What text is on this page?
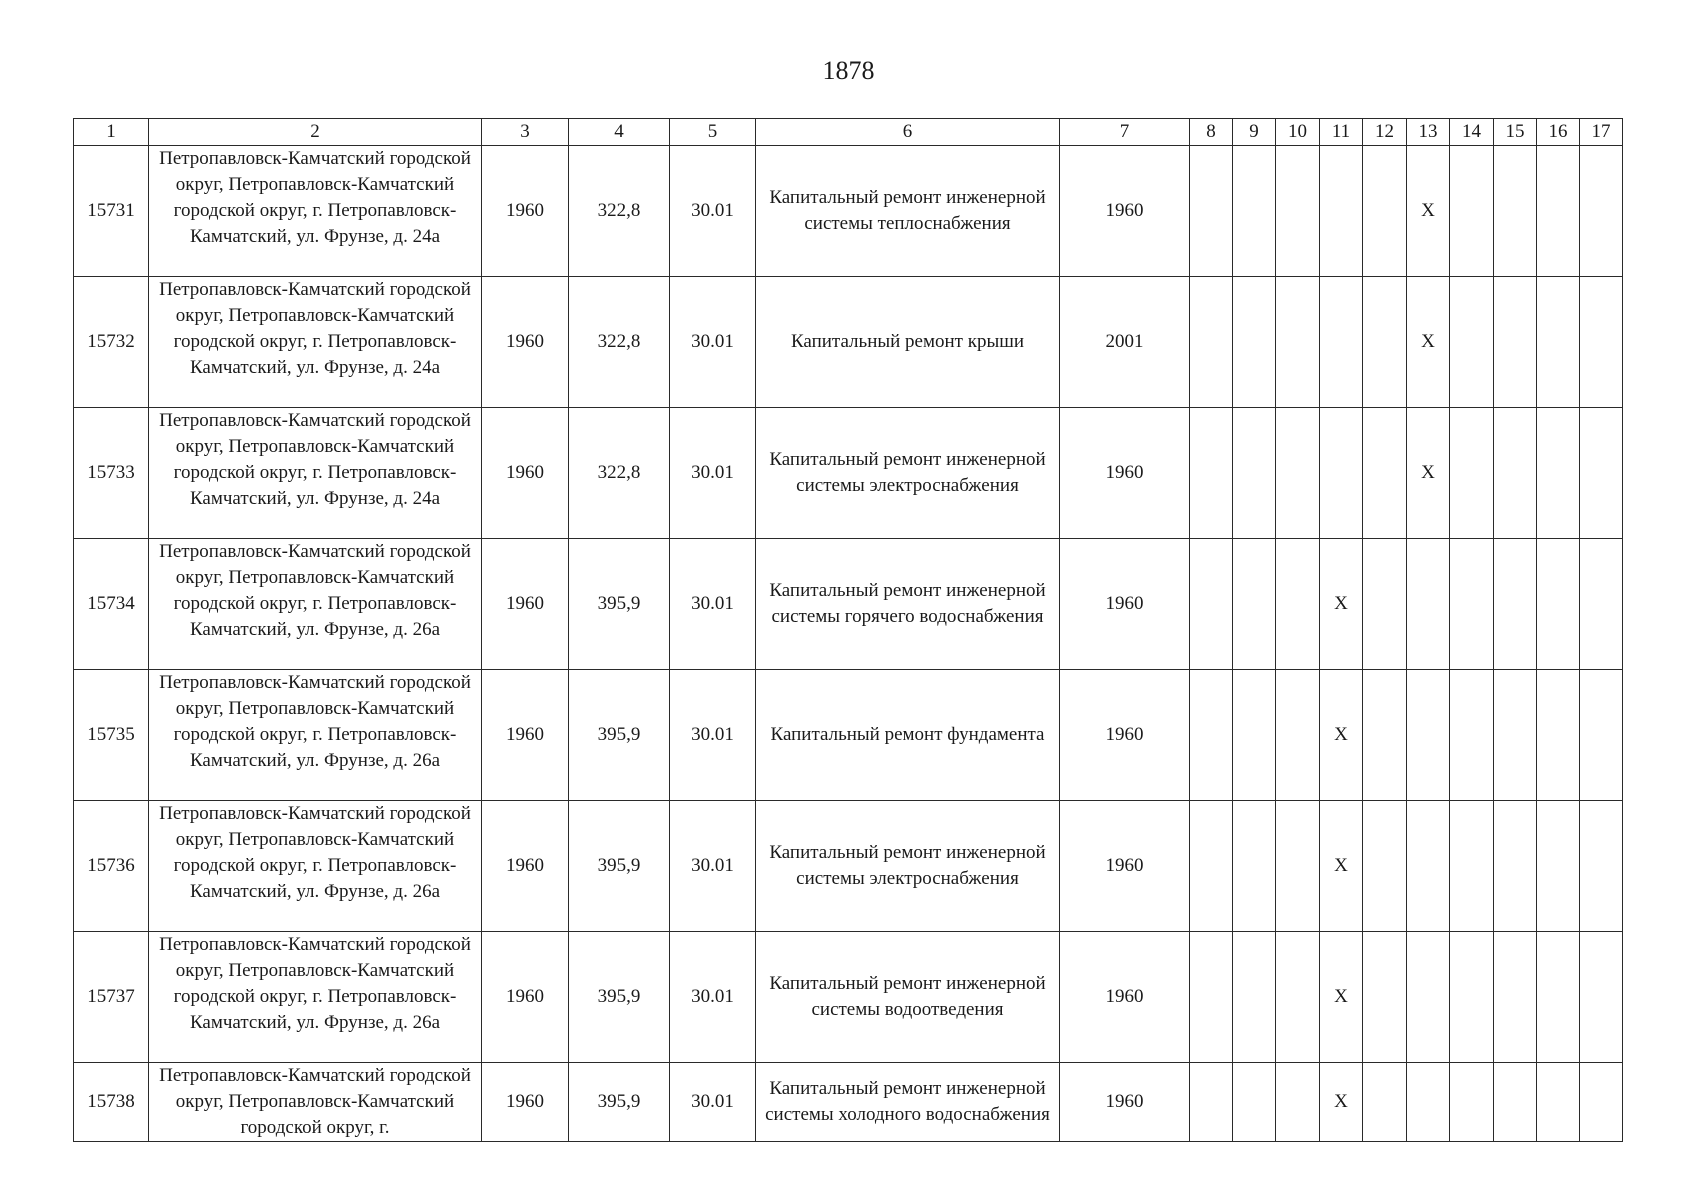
1878
1	2	3	4	5	6	7	8	9	10	11	12	13	14	15	16	17
15731	Петропавловск-Камчатский городской округ, Петропавловск-Камчатский городской округ, г. Петропавловск-Камчатский, ул. Фрунзе, д. 24а	1960	322,8	30.01	Капитальный ремонт инженерной системы теплоснабжения	1960						X				
15732	Петропавловск-Камчатский городской округ, Петропавловск-Камчатский городской округ, г. Петропавловск-Камчатский, ул. Фрунзе, д. 24а	1960	322,8	30.01	Капитальный ремонт крыши	2001						X				
15733	Петропавловск-Камчатский городской округ, Петропавловск-Камчатский городской округ, г. Петропавловск-Камчатский, ул. Фрунзе, д. 24а	1960	322,8	30.01	Капитальный ремонт инженерной системы электроснабжения	1960						X				
15734	Петропавловск-Камчатский городской округ, Петропавловск-Камчатский городской округ, г. Петропавловск-Камчатский, ул. Фрунзе, д. 26а	1960	395,9	30.01	Капитальный ремонт инженерной системы горячего водоснабжения	1960				X						
15735	Петропавловск-Камчатский городской округ, Петропавловск-Камчатский городской округ, г. Петропавловск-Камчатский, ул. Фрунзе, д. 26а	1960	395,9	30.01	Капитальный ремонт фундамента	1960				X						
15736	Петропавловск-Камчатский городской округ, Петропавловск-Камчатский городской округ, г. Петропавловск-Камчатский, ул. Фрунзе, д. 26а	1960	395,9	30.01	Капитальный ремонт инженерной системы электроснабжения	1960				X						
15737	Петропавловск-Камчатский городской округ, Петропавловск-Камчатский городской округ, г. Петропавловск-Камчатский, ул. Фрунзе, д. 26а	1960	395,9	30.01	Капитальный ремонт инженерной системы водоотведения	1960				X						
15738	Петропавловск-Камчатский городской округ, Петропавловск-Камчатский городской округ, г.	1960	395,9	30.01	Капитальный ремонт инженерной системы холодного водоснабжения	1960				X						
